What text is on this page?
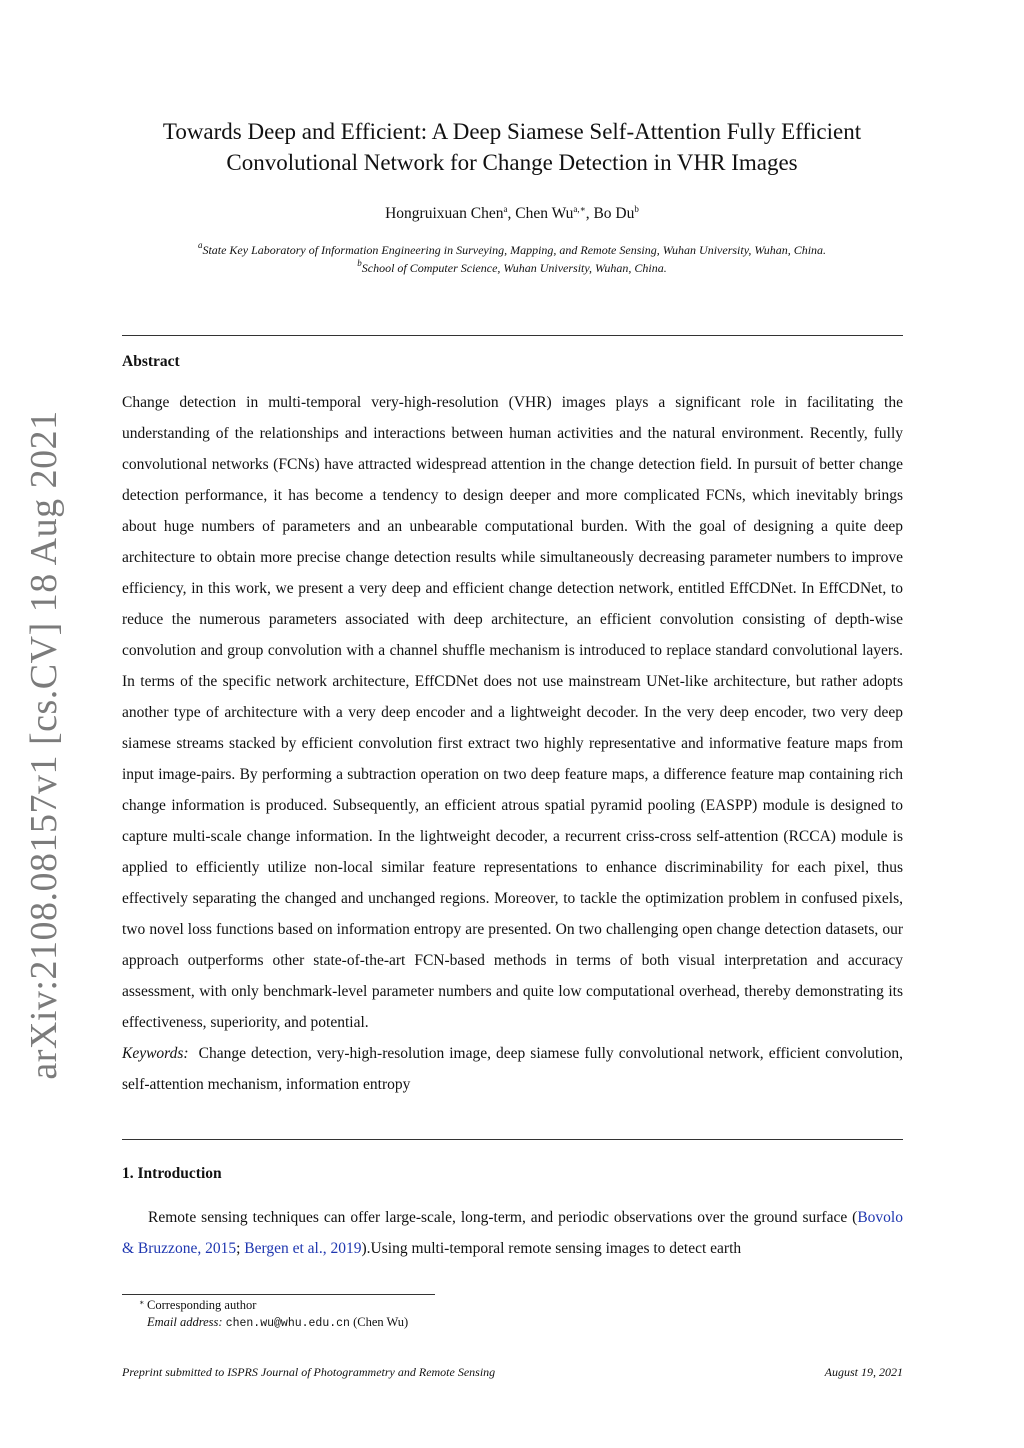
arXiv:2108.08157v1 [cs.CV] 18 Aug 2021
Towards Deep and Efficient: A Deep Siamese Self-Attention Fully Efficient
Convolutional Network for Change Detection in VHR Images
Hongruixuan Chen$^a$, Chen $Wu^{a,∗}$, Bo Du$^b$
$^a$State Key Laboratory of Information Engineering in Surveying, Mapping, and Remote Sensing, Wuhan University, Wuhan, China.
$^b$School of Computer Science, Wuhan University, Wuhan, China.
Abstract

Change detection in multi-temporal very-high-resolution (VHR) images plays a significant role in facilitating the understanding of the relationships and interactions between human activities and the natural environment. Recently, fully convolutional networks (FCNs) have attracted widespread attention in the change detection field. In pursuit of better change detection performance, it has become a tendency to design deeper and more complicated FCNs, which inevitably brings about huge numbers of parameters and an unbearable computational burden. With the goal of designing a quite deep architecture to obtain more precise change detection results while simultaneously decreasing parameter numbers to improve efficiency, in this work, we present a very deep and efficient change detection network, entitled EffCDNet. In EffCDNet, to reduce the numerous parameters associated with deep architecture, an efficient convolution consisting of depth-wise convolution and group convolution with a channel shuffle mechanism is introduced to replace standard convolutional layers. In terms of the specific network architecture, EffCDNet does not use mainstream UNet-like architecture, but rather adopts another type of architecture with a very deep encoder and a lightweight decoder. In the very deep encoder, two very deep siamese streams stacked by efficient convolution first extract two highly representative and informative feature maps from input image-pairs. By performing a subtraction operation on two deep feature maps, a difference feature map containing rich change information is produced. Subsequently, an efficient atrous spatial pyramid pooling (EASPP) module is designed to capture multi-scale change information. In the lightweight decoder, a recurrent criss-cross self-attention (RCCA) module is applied to efficiently utilize non-local similar feature representations to enhance discriminability for each pixel, thus effectively separating the changed and unchanged regions. Moreover, to tackle the optimization problem in confused pixels, two novel loss functions based on information entropy are presented. On two challenging open change detection datasets, our approach outperforms other state-of-the-art FCN-based methods in terms of both visual interpretation and accuracy assessment, with only benchmark-level parameter numbers and quite low computational overhead, thereby demonstrating its effectiveness, superiority, and potential.

Keywords: Change detection, very-high-resolution image, deep siamese fully convolutional network, efficient convolution, self-attention mechanism, information entropy

1. Introduction
Remote sensing techniques can offer large-scale, long-term, and periodic observations over the ground surface (Bovolo & Bruzzone, 2015; Bergen et al., 2019).Using multi-temporal remote sensing images to detect earth
∗ Corresponding author
Email address: chen.wu@whu.edu.cn (Chen Wu)
Preprint submitted to ISPRS Journal of Photogrammetry and Remote Sensing	August 19, 2021
